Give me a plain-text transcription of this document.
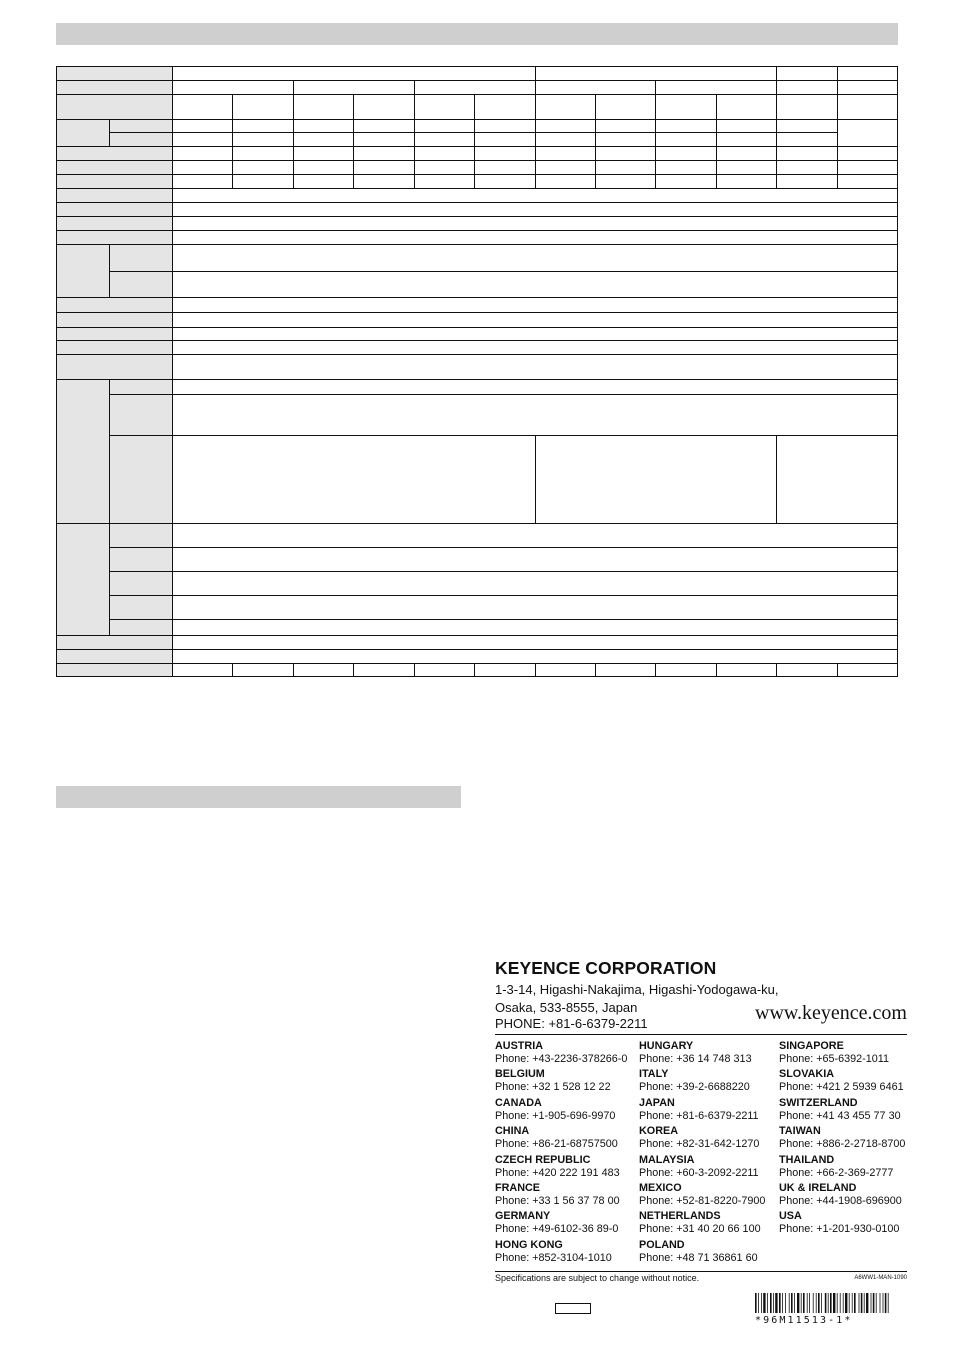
KEYENCE CORPORATION
1-3-14, Higashi-Nakajima, Higashi-Yodogawa-ku,
Osaka, 533-8555, Japan
PHONE: +81-6-6379-2211	www.keyence.com
AUSTRIA
Phone: +43-2236-378266-0
BELGIUM
Phone: +32 1 528 12 22
CANADA
Phone: +1-905-696-9970
CHINA
Phone: +86-21-68757500
CZECH REPUBLIC
Phone: +420 222 191 483
FRANCE
Phone: +33 1 56 37 78 00
GERMANY
Phone: +49-6102-36 89-0
HONG KONG
Phone: +852-3104-1010
HUNGARY
Phone: +36 14 748 313
ITALY
Phone: +39-2-6688220
JAPAN
Phone: +81-6-6379-2211
KOREA
Phone: +82-31-642-1270
MALAYSIA
Phone: +60-3-2092-2211
MEXICO
Phone: +52-81-8220-7900
NETHERLANDS
Phone: +31 40 20 66 100
POLAND
Phone: +48 71 36861 60
SINGAPORE
Phone: +65-6392-1011
SLOVAKIA
Phone: +421 2 5939 6461
SWITZERLAND
Phone: +41 43 455 77 30
TAIWAN
Phone: +886-2-2718-8700
THAILAND
Phone: +66-2-369-2777
UK & IRELAND
Phone: +44-1908-696900
USA
Phone: +1-201-930-0100
Specifications are subject to change without notice.	A6WW1-MAN-1090
*96M11513-1*
